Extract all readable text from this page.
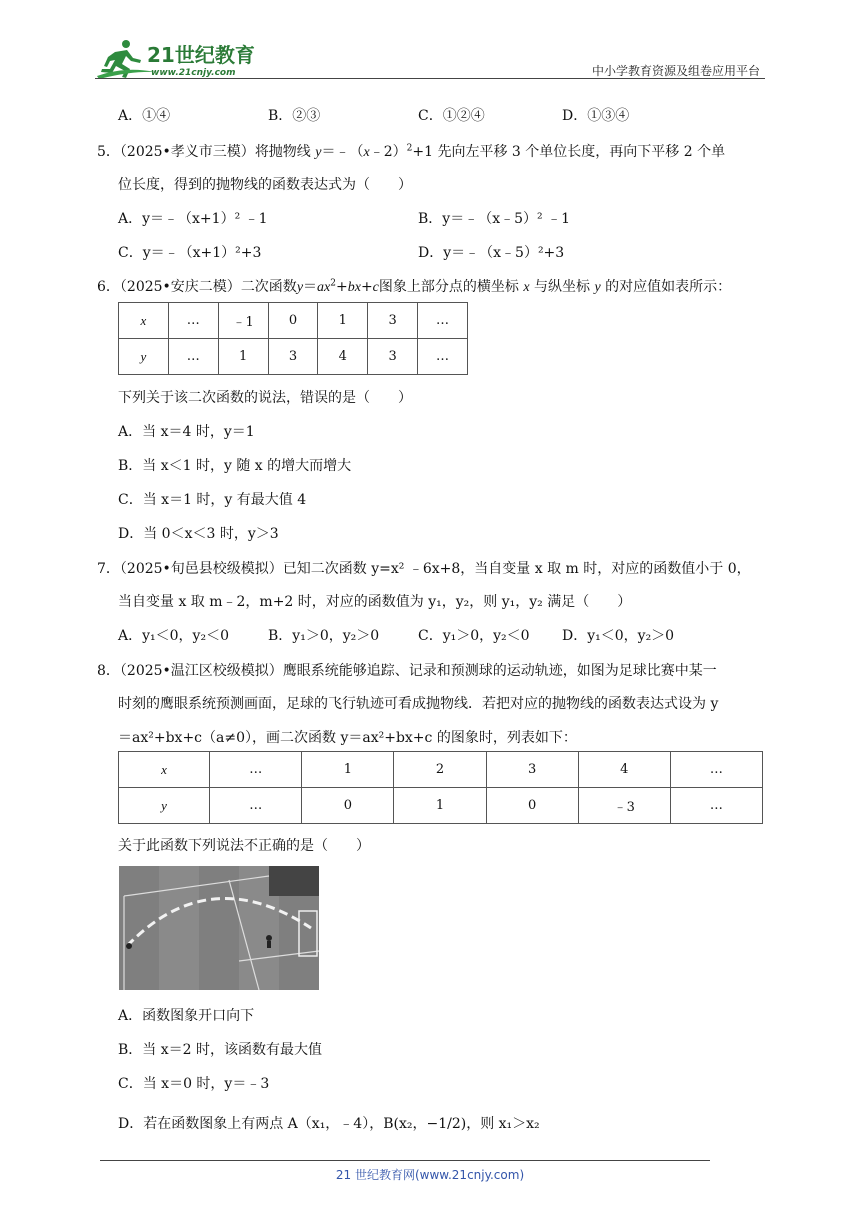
21世纪教育
www.21cnjy.com	中小学教育资源及组卷应用平台
A．①④	B．②③	C．①②④	D．①③④
5．（2025•孝义市三模）将抛物线 y＝﹣（x﹣2）$^2$+1 先向左平移 3 个单位长度，再向下平移 2 个单
位长度，得到的抛物线的函数表达式为（　　）
A．y＝﹣（x+1）² ﹣1	B．y＝﹣（x﹣5）² ﹣1
C．y＝﹣（x+1）²+3	D．y＝﹣（x﹣5）²+3
6．（2025•安庆二模）二次函数$y=ax^2+bx+c$图象上部分点的横坐标 x 与纵坐标 y 的对应值如表所示：
x	…	﹣1	0	1	3	…
y	…	1	3	4	3	…
下列关于该二次函数的说法，错误的是（　　）
A．当 x＝4 时，y＝1
B．当 x＜1 时，y 随 x 的增大而增大
C．当 x＝1 时，y 有最大值 4
D．当 0＜x＜3 时，y＞3
7．（2025•旬邑县校级模拟）已知二次函数 y=x² ﹣6x+8，当自变量 x 取 m 时，对应的函数值小于 0，
当自变量 x 取 m﹣2，m+2 时，对应的函数值为 y₁，y₂，则 y₁，y₂ 满足（　　）
A．y₁＜0，y₂＜0	B．y₁＞0，y₂＞0	C．y₁＞0，y₂＜0 D．y₁＜0，y₂＞0
8．（2025•温江区校级模拟）鹰眼系统能够追踪、记录和预测球的运动轨迹，如图为足球比赛中某一
时刻的鹰眼系统预测画面，足球的飞行轨迹可看成抛物线．若把对应的抛物线的函数表达式设为 y
＝ax²+bx+c（a≠0），画二次函数 y＝ax²+bx+c 的图象时，列表如下：
x	…	1	2	3	4	…
y	…	0	1	0	﹣3	…
关于此函数下列说法不正确的是（　　）
A．函数图象开口向下
B．当 x＝2 时，该函数有最大值
C．当 x＝0 时，y＝﹣3
D．若在函数图象上有两点 A（x₁，﹣4），B(x₂，−1/2)，则 x₁＞x₂
21 世纪教育网(www.21cnjy.com)
